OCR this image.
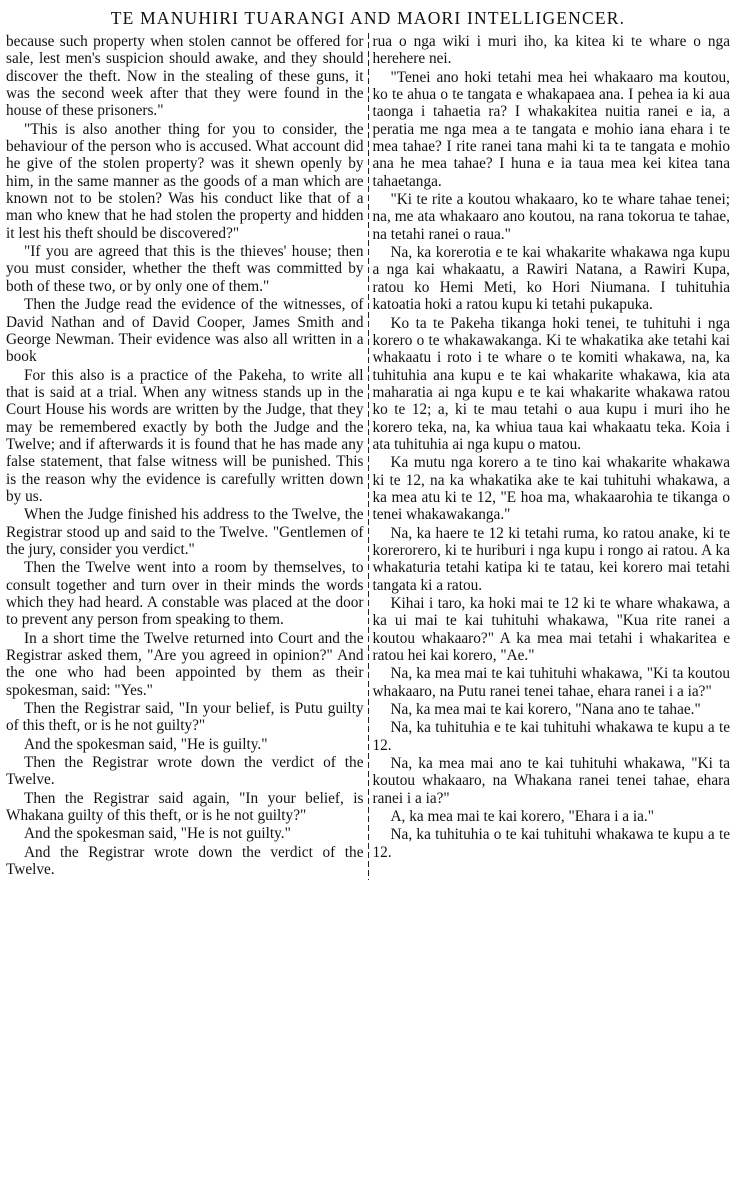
TE MANUHIRI TUARANGI AND MAORI INTELLIGENCER.

because such property when stolen cannot be offered for sale, lest men's suspicion should awake, and they should discover the theft. Now in the stealing of these guns, it was the second week after that they were found in the house of these prisoners."

"This is also another thing for you to consider, the behaviour of the person who is accused. What account did he give of the stolen property? was it shewn openly by him, in the same manner as the goods of a man which are known not to be stolen? Was his conduct like that of a man who knew that he had stolen the property and hidden it lest his theft should be discovered?"

"If you are agreed that this is the thieves' house; then you must consider, whether the theft was committed by both of these two, or by only one of them."

Then the Judge read the evidence of the witnesses, of David Nathan and of David Cooper, James Smith and George Newman. Their evidence was also all written in a book

For this also is a practice of the Pakeha, to write all that is said at a trial. When any witness stands up in the Court House his words are written by the Judge, that they may be remembered exactly by both the Judge and the Twelve; and if afterwards it is found that he has made any false statement, that false witness will be punished. This is the reason why the evidence is carefully written down by us.

When the Judge finished his address to the Twelve, the Registrar stood up and said to the Twelve. "Gentlemen of the jury, consider you verdict."

Then the Twelve went into a room by themselves, to consult together and turn over in their minds the words which they had heard. A constable was placed at the door to prevent any person from speaking to them.

In a short time the Twelve returned into Court and the Registrar asked them, "Are you agreed in opinion?" And the one who had been appointed by them as their spokesman, said: "Yes."

Then the Registrar said, "In your belief, is Putu guilty of this theft, or is he not guilty?"

And the spokesman said, "He is guilty."

Then the Registrar wrote down the verdict of the Twelve.

Then the Registrar said again, "In your belief, is Whakana guilty of this theft, or is he not guilty?"

And the spokesman said, "He is not guilty."

And the Registrar wrote down the verdict of the Twelve.

rua o nga wiki i muri iho, ka kitea ki te whare o nga herehere nei.

"Tenei ano hoki tetahi mea hei whakaaro ma koutou, ko te ahua o te tangata e whakapaea ana. I pehea ia ki aua taonga i tahaetia ra? I whakakitea nuitia ranei e ia, a peratia me nga mea a te tangata e mohio iana ehara i te mea tahae? I rite ranei tana mahi ki ta te tangata e mohio ana he mea tahae? I huna e ia taua mea kei kitea tana tahaetanga.

"Ki te rite a koutou whakaaro, ko te whare tahae tenei; na, me ata whakaaro ano koutou, na rana tokorua te tahae, na tetahi ranei o raua."

Na, ka korerotia e te kai whakarite whakawa nga kupu a nga kai whakaatu, a Rawiri Natana, a Rawiri Kupa, ratou ko Hemi Meti, ko Hori Niumana. I tuhituhia katoatia hoki a ratou kupu ki tetahi pukapuka.

Ko ta te Pakeha tikanga hoki tenei, te tuhituhi i nga korero o te whakawakanga. Ki te whakatika ake tetahi kai whakaatu i roto i te whare o te komiti whakawa, na, ka tuhituhia ana kupu e te kai whakarite whakawa, kia ata maharatia ai nga kupu e te kai whakarite whakawa ratou ko te 12; a, ki te mau tetahi o aua kupu i muri iho he korero teka, na, ka whiua taua kai whakaatu teka. Koia i ata tuhituhia ai nga kupu o matou.

Ka mutu nga korero a te tino kai whakarite whakawa ki te 12, na ka whakatika ake te kai tuhituhi whakawa, a ka mea atu ki te 12, "E hoa ma, whakaarohia te tikanga o tenei whakawakanga."

Na, ka haere te 12 ki tetahi ruma, ko ratou anake, ki te korerorero, ki te huriburi i nga kupu i rongo ai ratou. A ka whakaturia tetahi katipa ki te tatau, kei korero mai tetahi tangata ki a ratou.

Kihai i taro, ka hoki mai te 12 ki te whare whakawa, a ka ui mai te kai tuhituhi whakawa, "Kua rite ranei a koutou whakaaro?" A ka mea mai tetahi i whakaritea e ratou hei kai korero, "Ae."

Na, ka mea mai te kai tuhituhi whakawa, "Ki ta koutou whakaaro, na Putu ranei tenei tahae, ehara ranei i a ia?"

Na, ka mea mai te kai korero, "Nana ano te tahae."

Na, ka tuhituhia e te kai tuhituhi whakawa te kupu a te 12.

Na, ka mea mai ano te kai tuhituhi whakawa, "Ki ta koutou whakaaro, na Whakana ranei tenei tahae, ehara ranei i a ia?"

A, ka mea mai te kai korero, "Ehara i a ia."

Na, ka tuhituhia o te kai tuhituhi whakawa te kupu a te 12.
